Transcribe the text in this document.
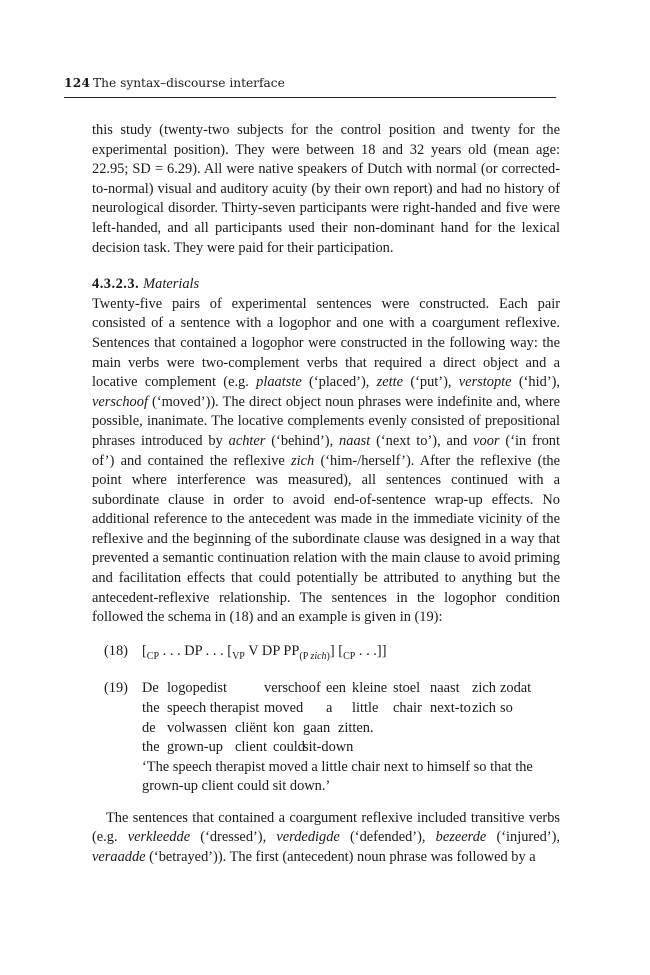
124 The syntax–discourse interface

this study (twenty-two subjects for the control position and twenty for the experimental position). They were between 18 and 32 years old (mean age: 22.95; SD = 6.29). All were native speakers of Dutch with normal (or corrected-to-normal) visual and auditory acuity (by their own report) and had no history of neurological disorder. Thirty-seven participants were right-handed and five were left-handed, and all participants used their non-dominant hand for the lexical decision task. They were paid for their participation.

4.3.2.3. Materials

Twenty-five pairs of experimental sentences were constructed. Each pair consisted of a sentence with a logophor and one with a coargument reflexive. Sentences that contained a logophor were constructed in the following way: the main verbs were two-complement verbs that required a direct object and a locative complement (e.g. plaatste (‘placed’), zette (‘put’), verstopte (‘hid’), verschoof (‘moved’)). The direct object noun phrases were indefinite and, where possible, inanimate. The locative complements evenly consisted of prepositional phrases introduced by achter (‘behind’), naast (‘next to’), and voor (‘in front of’) and contained the reflexive zich (‘him-/herself’). After the reflexive (the point where interference was measured), all sentences continued with a subordinate clause in order to avoid end-of-sentence wrap-up effects. No additional reference to the antecedent was made in the immediate vicinity of the reflexive and the beginning of the subordinate clause was designed in a way that prevented a semantic continuation relation with the main clause to avoid priming and facilitation effects that could potentially be attributed to anything but the antecedent-reflexive relationship. The sentences in the logophor condition followed the schema in (18) and an example is given in (19):

(18) [$_{CP}$ . . . DP . . . [$_{VP}$ V DP $PP_{(P zich)}$] [$_{CP}$ . . .]]
(19) De logopedist	verschoof een kleine stoel naast zich zodat
the speech therapist moved a little chair next-to zich so
de volwassen cliënt kon gaan zitten.
the grown-up client could
sit-down
‘The speech therapist moved a little chair next to himself so that the grown-up client could sit down.’

The sentences that contained a coargument reflexive included transitive verbs (e.g. verkleedde (‘dressed’), verdedigde (‘defended’), bezeerde (‘injured’), veraadde (‘betrayed’)). The first (antecedent) noun phrase was followed by a
